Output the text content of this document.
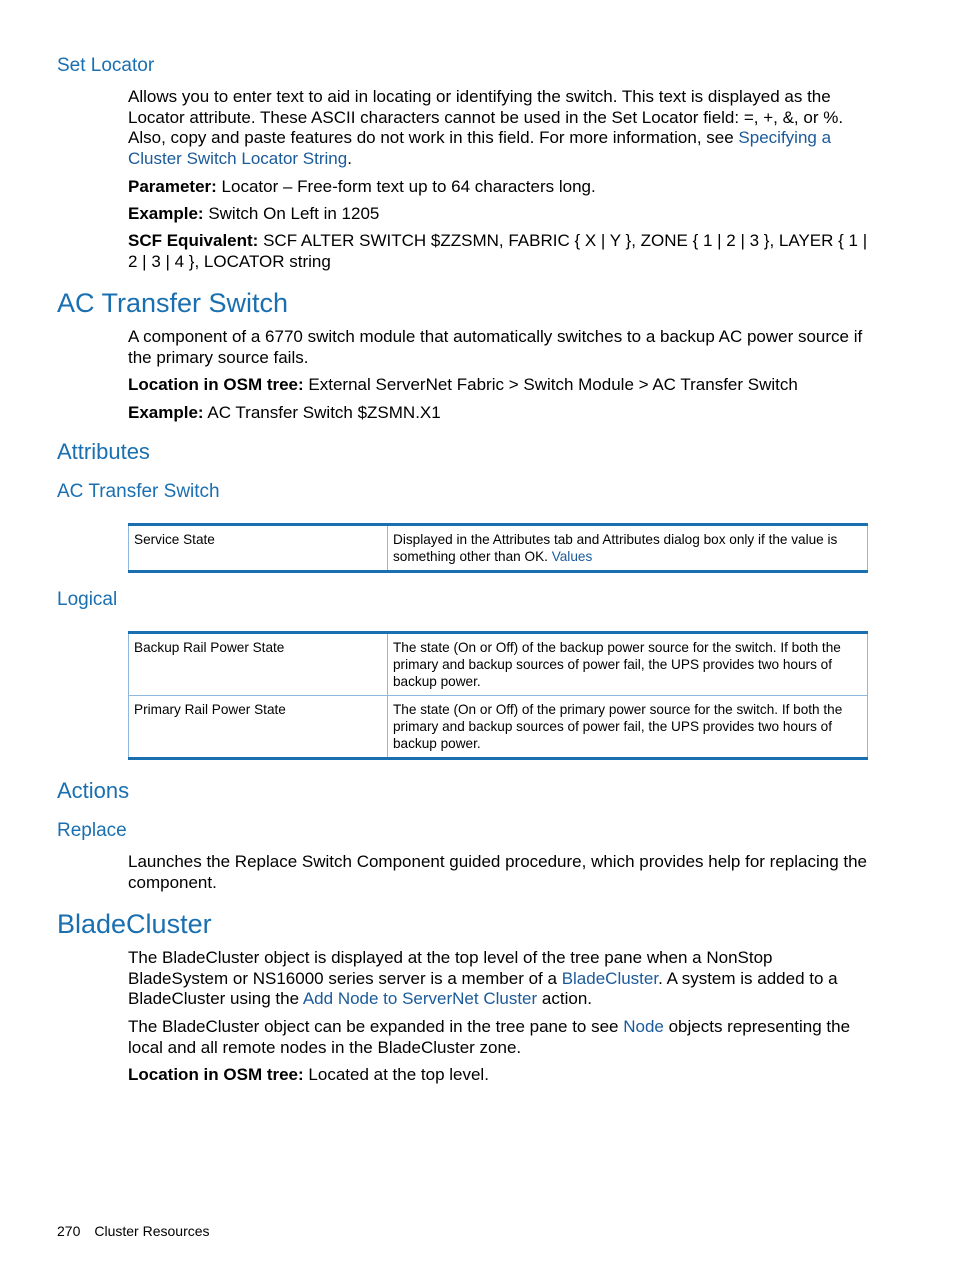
Set Locator
Allows you to enter text to aid in locating or identifying the switch. This text is displayed as the Locator attribute. These ASCII characters cannot be used in the Set Locator field: =, +, &, or %. Also, copy and paste features do not work in this field. For more information, see Specifying a Cluster Switch Locator String.
Parameter: Locator – Free-form text up to 64 characters long.
Example: Switch On Left in 1205
SCF Equivalent: SCF ALTER SWITCH $ZZSMN, FABRIC { X | Y }, ZONE { 1 | 2 | 3 }, LAYER { 1 | 2 | 3 | 4 }, LOCATOR string
AC Transfer Switch
A component of a 6770 switch module that automatically switches to a backup AC power source if the primary source fails.
Location in OSM tree: External ServerNet Fabric > Switch Module > AC Transfer Switch
Example: AC Transfer Switch $ZSMN.X1
Attributes
AC Transfer Switch
Service State	Displayed in the Attributes tab and Attributes dialog box only if the value is something other than OK. Values
Logical
Backup Rail Power State	The state (On or Off) of the backup power source for the switch. If both the primary and backup sources of power fail, the UPS provides two hours of backup power.
Primary Rail Power State	The state (On or Off) of the primary power source for the switch. If both the primary and backup sources of power fail, the UPS provides two hours of backup power.
Actions
Replace
Launches the Replace Switch Component guided procedure, which provides help for replacing the component.
BladeCluster
The BladeCluster object is displayed at the top level of the tree pane when a NonStop BladeSystem or NS16000 series server is a member of a BladeCluster. A system is added to a BladeCluster using the Add Node to ServerNet Cluster action.
The BladeCluster object can be expanded in the tree pane to see Node objects representing the local and all remote nodes in the BladeCluster zone.
Location in OSM tree: Located at the top level.
270 Cluster Resources
